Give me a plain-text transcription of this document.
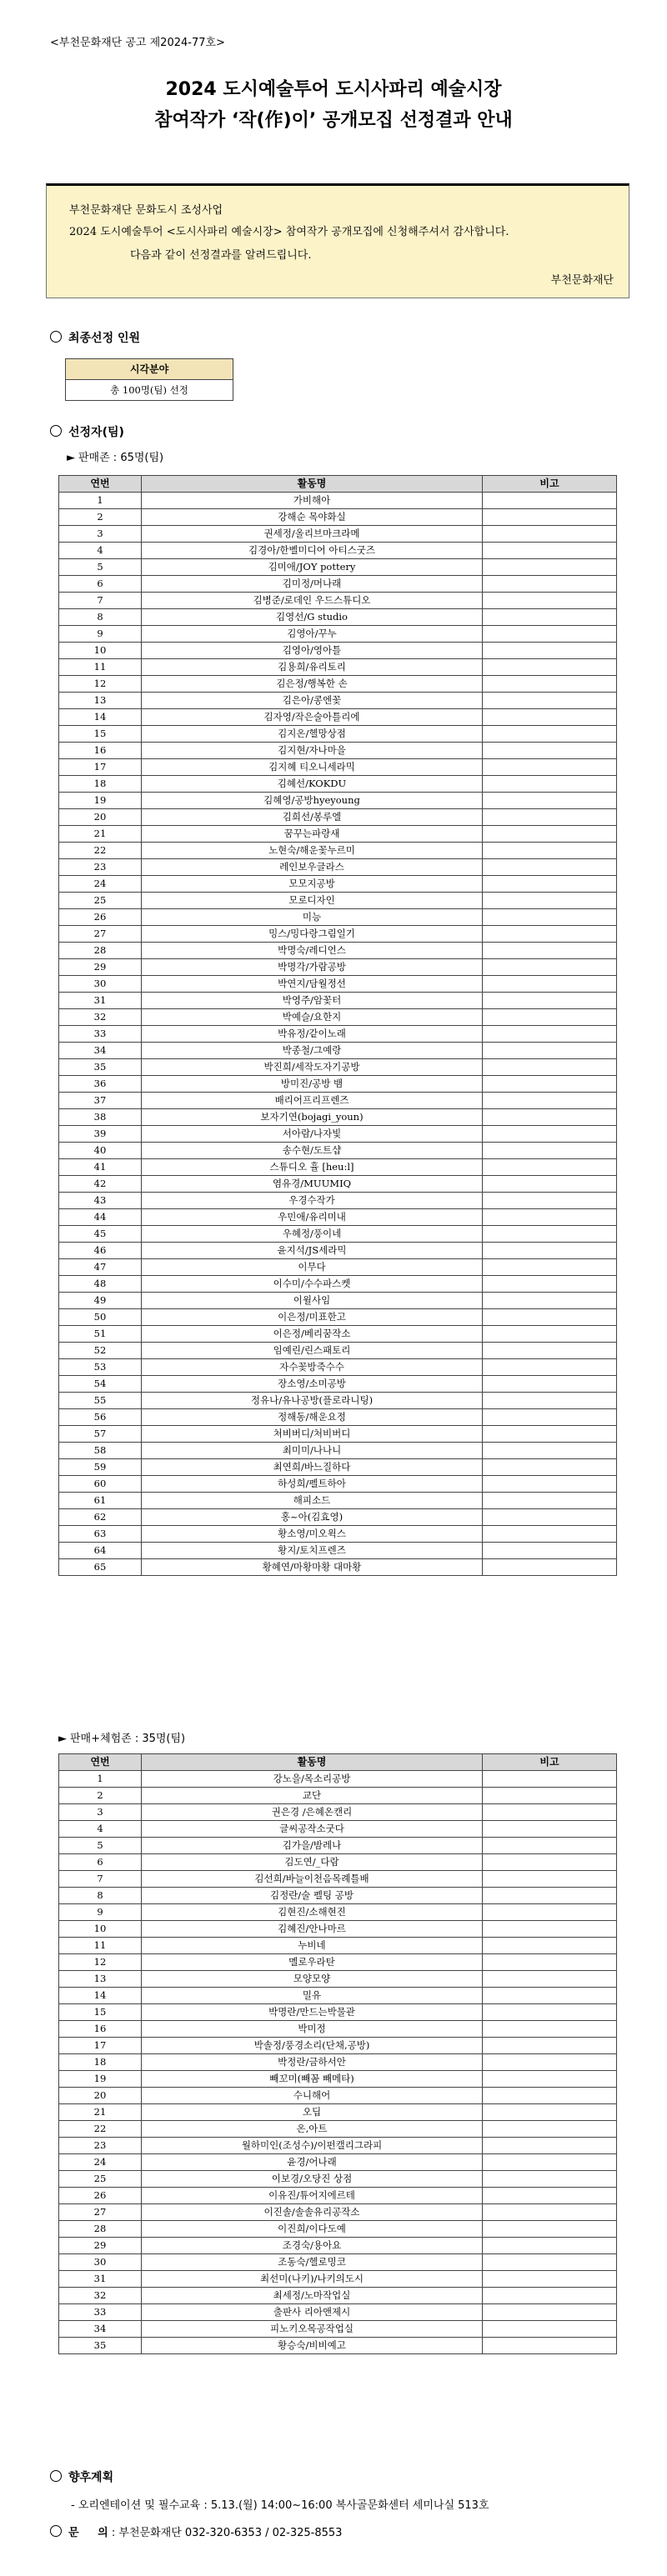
<부천문화재단 공고 제2024-77호>
2024 도시예술투어 도시사파리 예술시장
참여작가 ‘작(作)이’ 공개모집 선정결과 안내
부천문화재단 문화도시 조성사업
2024 도시예술투어 <도시사파리 예술시장> 참여작가 공개모집에 신청해주셔서 감사합니다.
다음과 같이 선정결과를 알려드립니다.
부천문화재단
최종선정 인원
시각분야
총 100명(팀) 선정
선정자(팀)
► 판매존 : 65명(팀)
연번	활동명	비고
1	가비해아	
2	강해순 목야화실	
3	권세정/올리브마크라메	
4	김경아/한벨미디어 아티스굿즈	
5	김미애/JOY pottery	
6	김미정/머나래	
7	김병준/로데인 우드스튜디오	
8	김영선/G studio	
9	김영아/꾸누	
10	김영아/영아틀	
11	김용희/유리토리	
12	김은정/행복한 손	
13	김은아/콩엔꽃	
14	김자영/작은술아틀리에	
15	김지온/헬망상점	
16	김지현/자나마을	
17	김지혜 티오니세라믹	
18	김혜선/KOKDU	
19	김혜영/공방hyeyoung	
20	김희선/봉루엘	
21	꿈꾸는파랑새	
22	노현숙/해운꽃누르미	
23	레인보우글라스	
24	모모지공방	
25	모로디자인	
26	미능	
27	밍스/밍다랑그림일기	
28	박명숙/레디언스	
29	박명각/가람공방	
30	박연지/담월정선	
31	박영주/암꽃터	
32	박예슬/요한지	
33	박유정/같이노래	
34	박종철/그예랑	
35	박진희/세작도자기공방	
36	방미진/공방 뱀	
37	배리어프리프렌즈	
38	보자기연(bojagi_youn)	
39	서아람/나자빛	
40	송수현/도트샵	
41	스튜디오 휼 [heu:l]	
42	염유경/MUUMIQ	
43	우경수작가	
44	우민애/유리미내	
45	우혜정/풍이네	
46	윤지석/JS세라믹	
47	이무다	
48	이수미/수수파스켓	
49	이윌사임	
50	이은정/미표한고	
51	이은정/베리꿈작소	
52	임예린/린스패토리	
53	자수꽃방죽수수	
54	장소영/소미공방	
55	정유나/유나공방(플로라니팅)	
56	정해동/해운요정	
57	처비버디/처비버디	
58	최미미/나나니	
59	최연희/바느질하다	
60	하성희/펠트하아	
61	해피소드	
62	홍~아(김효영)	
63	황소영/미오윅스	
64	황지/토치프렌즈	
65	황혜연/마황마황 대마황	
► 판매+체험존 : 35명(팀)
연번	활동명	비고
1	강노을/목소리공방	
2	교단	
3	권은경 /은혜온캔리	
4	글씨공작소굿다	
5	김가을/밤레나	
6	김도연/_다람	
7	김선희/바늘이천음목례틀배	
8	김정란/술 펠팅 공방	
9	김현진/소해현진	
10	김혜진/안나마르	
11	누비네	
12	멜로우라탄	
13	모양모양	
14	밀유	
15	박명란/만드는박물관	
16	박미정	
17	박솔정/풍경소리(단채,공방)	
18	박정란/금하서안	
19	빼꼬미(빼꼼 빼메타)	
20	수니해어	
21	오딥	
22	온,아트	
23	월하미인(조성수)/이펀캘리그라피	
24	윤경/어나래	
25	이보경/오당진 상점	
26	이유진/튜어지에르테	
27	이진솔/솔솔유리공작소	
28	이진희/이다도예	
29	조경숙/용아요	
30	조동숙/헬로밍코	
31	최선미(나키)/나키의도시	
32	최세정/노마작업실	
33	출판사 리아앤제시	
34	피노키오목공작업실	
35	황승숙/비비예고	
향후계획
- 오리엔테이션 및 필수교육 : 5.13.(월) 14:00~16:00 복사골문화센터 세미나실 513호
문     의 : 부천문화재단 032-320-6353 / 02-325-8553
